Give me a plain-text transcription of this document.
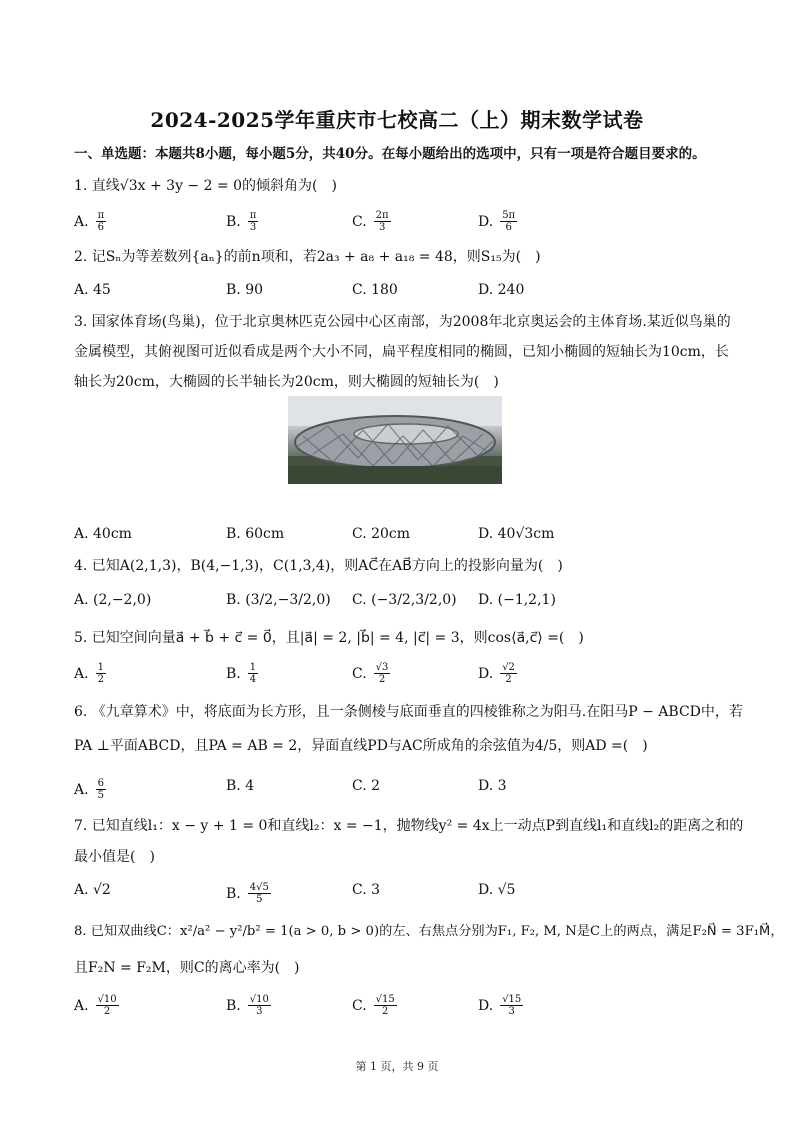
2024-2025学年重庆市七校高二（上）期末数学试卷
一、单选题：本题共8小题，每小题5分，共40分。在每小题给出的选项中，只有一项是符合题目要求的。
1. 直线√3x + 3y − 2 = 0的倾斜角为(　)
A. $\frac{\pi}{6}$	B. $\frac{\pi}{3}$	C. $\frac{2\pi}{3}$	D. $\frac{5\pi}{6}$
2. 记Sₙ为等差数列{aₙ}的前n项和，若2a₃ + a₈ + a₁₈ = 48，则S₁₅为(　)
A. 45	B. 90	C. 180	D. 240
3. 国家体育场(鸟巢)，位于北京奥林匹克公园中心区南部，为2008年北京奥运会的主体育场.某近似鸟巢的
金属模型，其俯视图可近似看成是两个大小不同，扁平程度相同的椭圆，已知小椭圆的短轴长为10cm，长
轴长为20cm，大椭圆的长半轴长为20cm，则大椭圆的短轴长为(　)
A. 40cm	B. 60cm	C. 20cm	D. 40√3cm
4. 已知A(2,1,3)，B(4,−1,3)，C(1,3,4)，则AC⃗在AB⃗方向上的投影向量为(　)
A. (2,−2,0)	B. (3/2,−3/2,0) C. (−3/2,3/2,0) D. (−1,2,1)
5. 已知空间向量a⃗ + b⃗ + c⃗ = 0⃗，且|a⃗| = 2, |b⃗| = 4, |c⃗| = 3，则cos⟨a⃗,c⃗⟩ =(　)
A. $\frac{1}{2}$	B. $\frac{1}{4}$	C. $\frac{√3}{2}$	D. $\frac{√2}{2}$
6. 《九章算术》中，将底面为长方形，且一条侧棱与底面垂直的四棱锥称之为阳马.在阳马P − ABCD中，若
PA ⊥平面ABCD，且PA = AB = 2，异面直线PD与AC所成角的余弦值为4/5，则AD =(　)
A. $\frac{6}{5}$	B. 4	C. 2	D. 3
7. 已知直线l₁：x − y + 1 = 0和直线l₂：x = −1，抛物线y² = 4x上一动点P到直线l₁和直线l₂的距离之和的
最小值是(　)
A. √2	B. $\frac{4√5}{5}$	C. 3	D. √5
8. 已知双曲线C：x²/a² − y²/b² = 1(a > 0, b > 0)的左、右焦点分别为F₁, F₂, M, N是C上的两点，满足F₂N⃗ = 3F₁M⃗，
且F₂N = F₂M，则C的离心率为(　)
A. $\frac{√10}{2}$	B. $\frac{√10}{3}$	C. $\frac{√15}{2}$	D. $\frac{√15}{3}$
第 1 页，共 9 页
